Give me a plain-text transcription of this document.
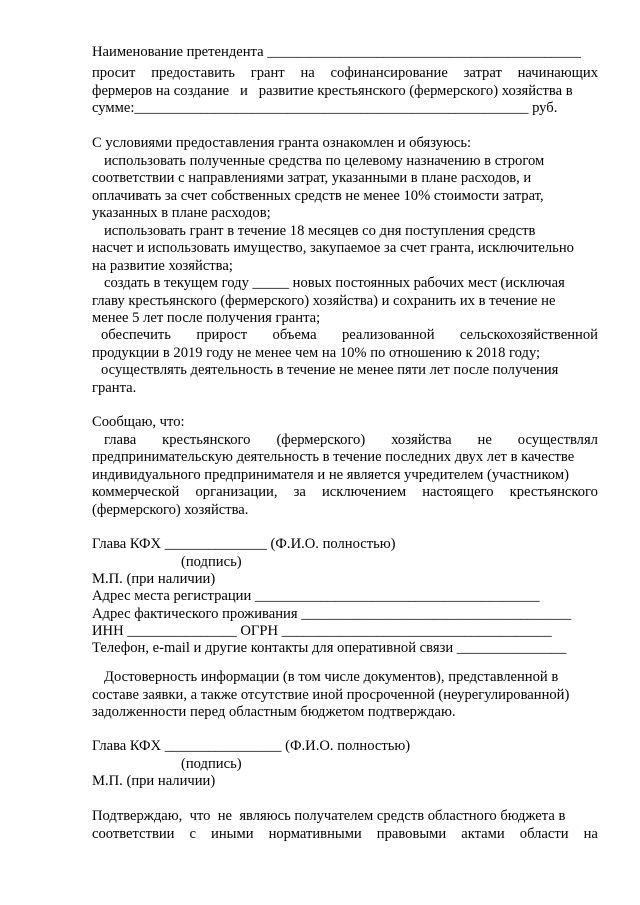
Наименование претендента ___________________________________________
просит предоставить грант на софинансирование затрат начинающих
фермеров на создание   и   развитие крестьянского (фермерского) хозяйства в
сумме:______________________________________________________ руб.
С условиями предоставления гранта ознакомлен и обязуюсь:
использовать полученные средства по целевому назначению в строгом
соответствии с направлениями затрат, указанными в плане расходов, и
оплачивать за счет собственных средств не менее 10% стоимости затрат,
указанных в плане расходов;
использовать грант в течение 18 месяцев со дня поступления средств
насчет и использовать имущество, закупаемое за счет гранта, исключительно
на развитие хозяйства;
создать в текущем году _____ новых постоянных рабочих мест (исключая
главу крестьянского (фермерского) хозяйства) и сохранить их в течение не
менее 5 лет после получения гранта;
обеспечить прирост объема реализованной сельскохозяйственной
продукции в 2019 году не менее чем на 10% по отношению к 2018 году;
осуществлять деятельность в течение не менее пяти лет после получения
гранта.
Сообщаю, что:
глава крестьянского (фермерского) хозяйства не осуществлял
предпринимательскую деятельность в течение последних двух лет в качестве
индивидуального предпринимателя и не является учредителем (участником)
коммерческой организации, за исключением настоящего крестьянского
(фермерского) хозяйства.
Глава КФХ ______________ (Ф.И.О. полностью)
(подпись)
М.П. (при наличии)
Адрес места регистрации _______________________________________
Адрес фактического проживания _____________________________________
ИНН _______________ ОГРН _____________________________________
Телефон, e-mail и другие контакты для оперативной связи _______________
Достоверность информации (в том числе документов), представленной в
составе заявки, а также отсутствие иной просроченной (неурегулированной)
задолженности перед областным бюджетом подтверждаю.
Глава КФХ ________________ (Ф.И.О. полностью)
(подпись)
М.П. (при наличии)
Подтверждаю,  что  не  являюсь получателем средств областного бюджета в
соответствии с иными нормативными правовыми актами области на
